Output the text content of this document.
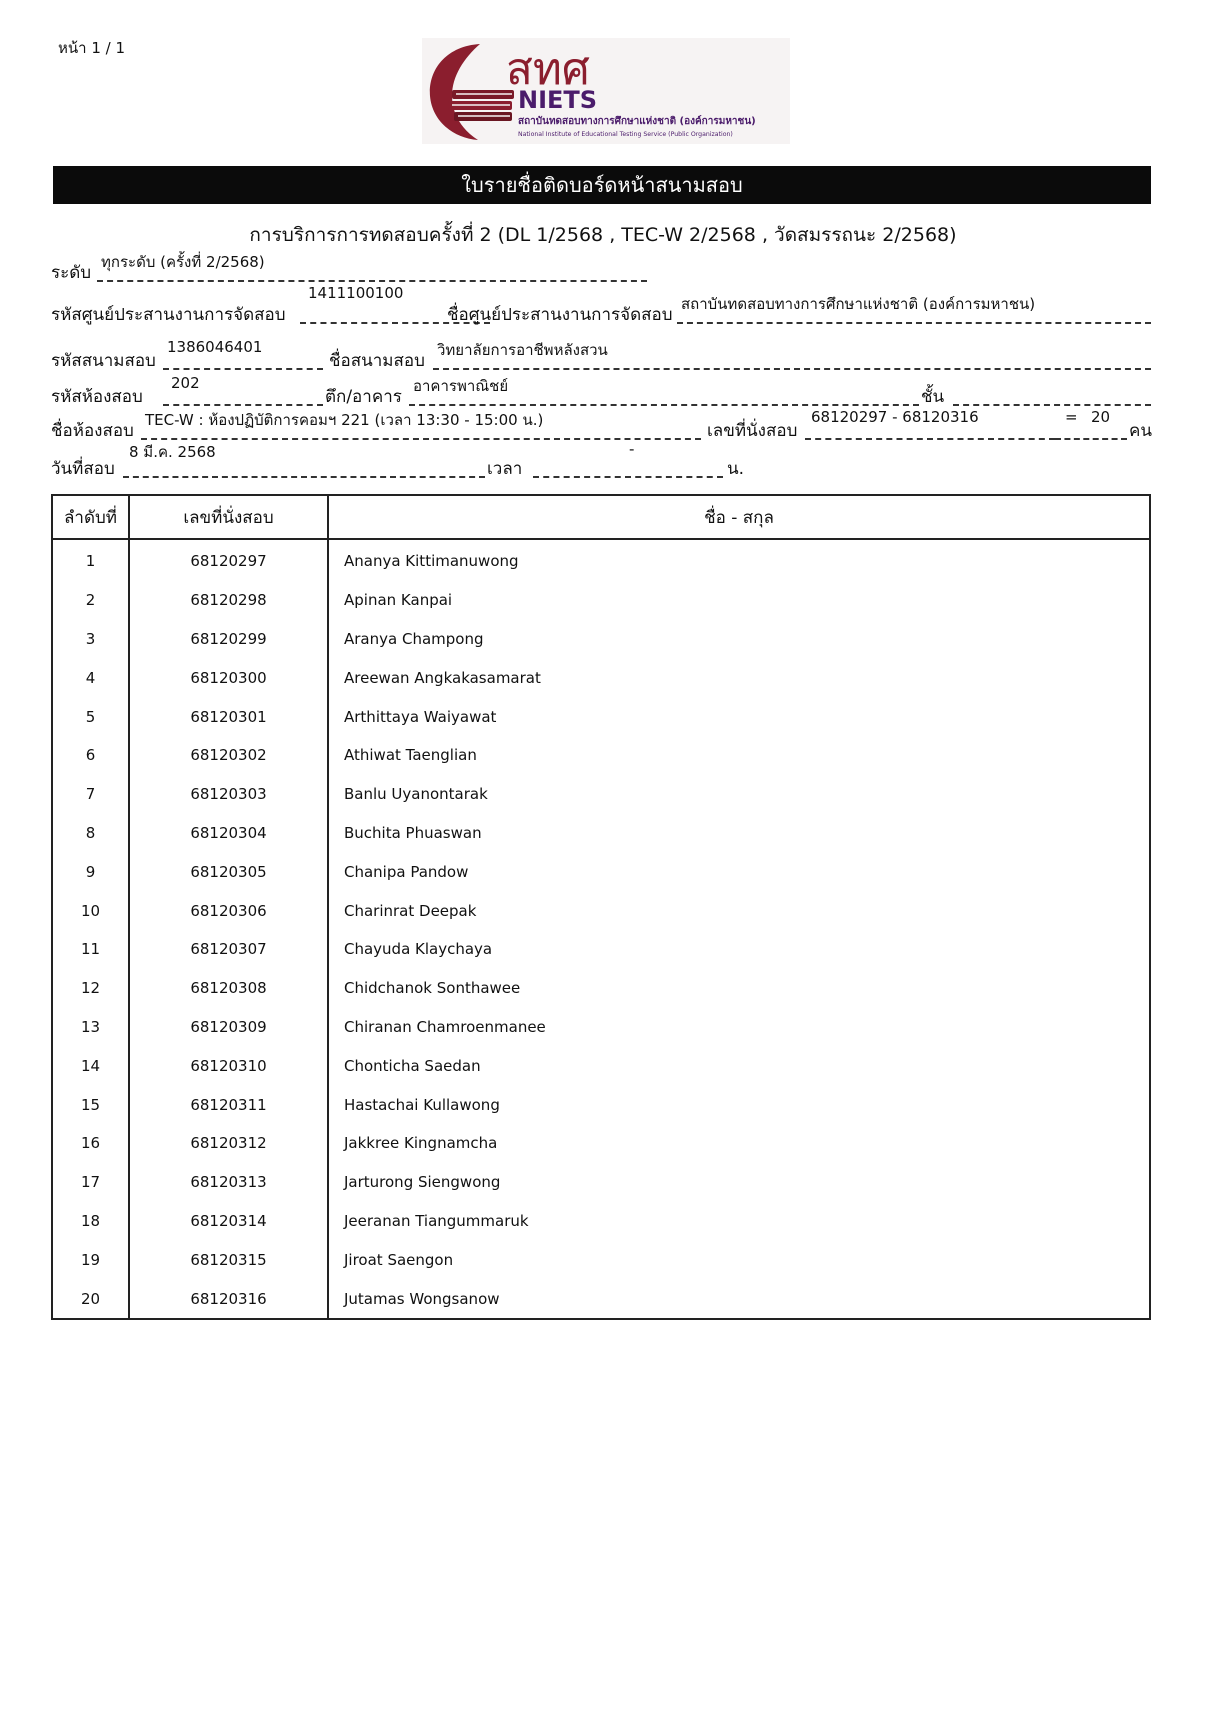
หน้า 1 / 1	สทศ
NIETS
สถาบันทดสอบทางการศึกษาแห่งชาติ (องค์การมหาชน)
National Institute of Educational Testing Service (Public Organization)
ใบรายชื่อติดบอร์ดหน้าสนามสอบ
การบริการการทดสอบครั้งที่ 2 (DL 1/2568 , TEC-W 2/2568 , วัดสมรรถนะ 2/2568)
ระดับ
ทุกระดับ (ครั้งที่ 2/2568)
รหัสศูนย์ประสานงานการจัดสอบ
1411100100
ชื่อศูนย์ประสานงานการจัดสอบ
สถาบันทดสอบทางการศึกษาแห่งชาติ (องค์การมหาชน)
รหัสสนามสอบ
1386046401
ชื่อสนามสอบ
วิทยาลัยการอาชีพหลังสวน
รหัสห้องสอบ
202
ตึก/อาคาร
อาคารพาณิชย์
ชั้น
ชื่อห้องสอบ
TEC-W : ห้องปฏิบัติการคอมฯ 221 (เวลา 13:30 - 15:00 น.)
เลขที่นั่งสอบ
68120297 - 68120316	= 20
คน
วันที่สอบ
8 มี.ค. 2568
เวลา
-
น.
ลำดับที่	เลขที่นั่งสอบ	ชื่อ - สกุล
1	68120297	Ananya Kittimanuwong
2	68120298	Apinan Kanpai
3	68120299	Aranya Champong
4	68120300	Areewan Angkakasamarat
5	68120301	Arthittaya Waiyawat
6	68120302	Athiwat Taenglian
7	68120303	Banlu Uyanontarak
8	68120304	Buchita Phuaswan
9	68120305	Chanipa Pandow
10	68120306	Charinrat Deepak
11	68120307	Chayuda Klaychaya
12	68120308	Chidchanok Sonthawee
13	68120309	Chiranan Chamroenmanee
14	68120310	Chonticha Saedan
15	68120311	Hastachai Kullawong
16	68120312	Jakkree Kingnamcha
17	68120313	Jarturong Siengwong
18	68120314	Jeeranan Tiangummaruk
19	68120315	Jiroat Saengon
20	68120316	Jutamas Wongsanow
